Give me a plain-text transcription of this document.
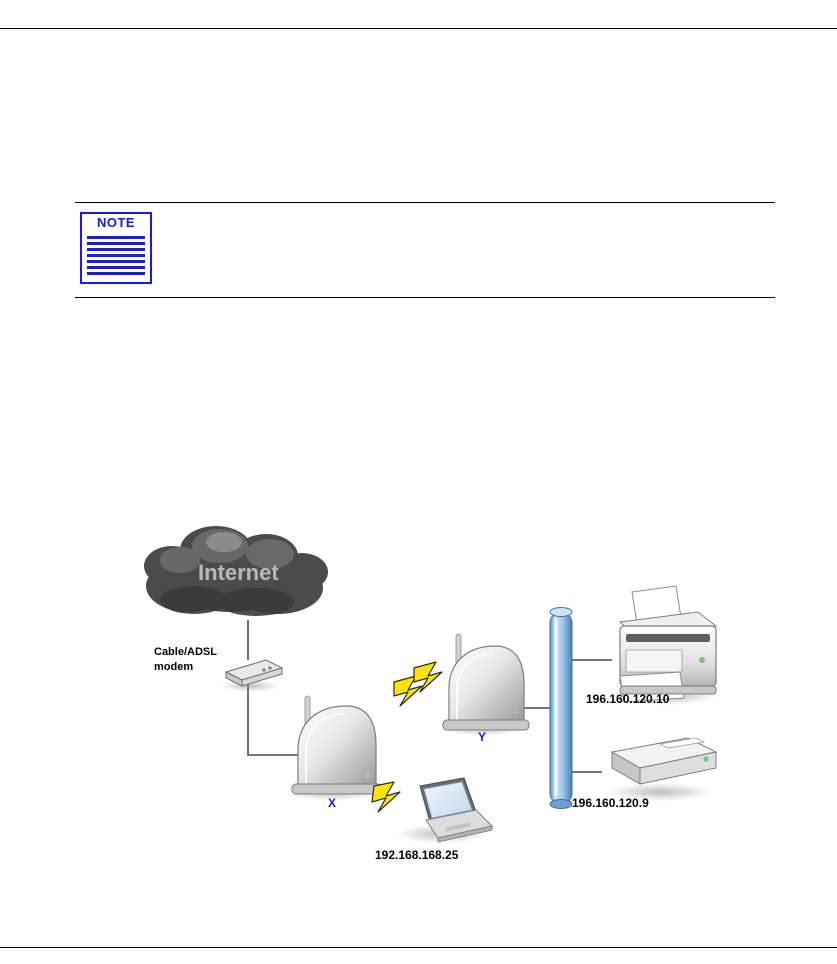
NOTE
Internet
Cable/ADSL
modem
X
Y
192.168.168.25
196.160.120.10
196.160.120.9
